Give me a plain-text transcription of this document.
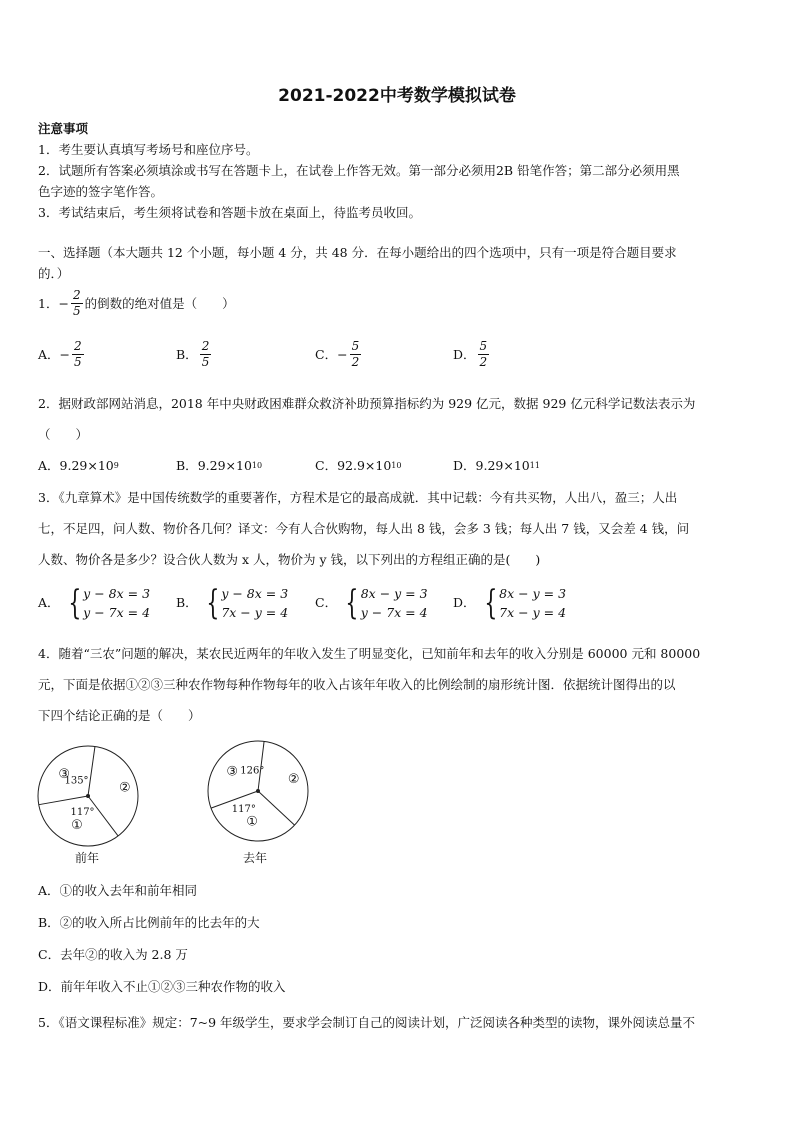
2021-2022中考数学模拟试卷
注意事项
1．考生要认真填写考场号和座位序号。
2．试题所有答案必须填涂或书写在答题卡上，在试卷上作答无效。第一部分必须用2B 铅笔作答；第二部分必须用黑
色字迹的签字笔作答。
3．考试结束后，考生须将试卷和答题卡放在桌面上，待监考员收回。
一、选择题（本大题共 12 个小题，每小题 4 分，共 48 分．在每小题给出的四个选项中，只有一项是符合题目要求
的．）
1． − $\frac{2}{5}$ 的倒数的绝对值是（　　）
A． − $\frac{2}{5}$	B． $\frac{2}{5}$	C． − $\frac{5}{2}$	D． $\frac{5}{2}$
2．据财政部网站消息，2018 年中央财政困难群众救济补助预算指标约为 929 亿元，数据 929 亿元科学记数法表示为
（　　）
A． 9.29×10 9	B． 9.29×10 10	C． 92.9×10 10	D． 9.29×10 11
3．《九章算术》是中国传统数学的重要著作，方程术是它的最高成就．其中记载：今有共买物，人出八，盈三；人出
七，不足四，问人数、物价各几何？译文：今有人合伙购物，每人出 8 钱，会多 3 钱；每人出 7 钱，又会差 4 钱，问
人数、物价各是多少？设合伙人数为 x 人，物价为 y 钱，以下列出的方程组正确的是(　　)
A． { y − 8x = 3
y − 7x = 4
B． { y − 8x = 3
7x − y = 4
C． { 8x − y = 3
y − 7x = 4
D． { 8x − y = 3
7x − y = 4
4．随着“三农”问题的解决，某农民近两年的年收入发生了明显变化，已知前年和去年的收入分别是 60000 元和 80000
元，下面是依据①②③三种农作物每种作物每年的收入占该年年收入的比例绘制的扇形统计图．依据统计图得出的以
下四个结论正确的是（　　）
①
②
③
135°
117°
前年
①
②
③ 126°
117°
去年
A．①的收入去年和前年相同
B．②的收入所占比例前年的比去年的大
C．去年②的收入为 2.8 万
D．前年年收入不止①②③三种农作物的收入
5．《语文课程标准》规定：7~9 年级学生，要求学会制订自己的阅读计划，广泛阅读各种类型的读物，课外阅读总量不
